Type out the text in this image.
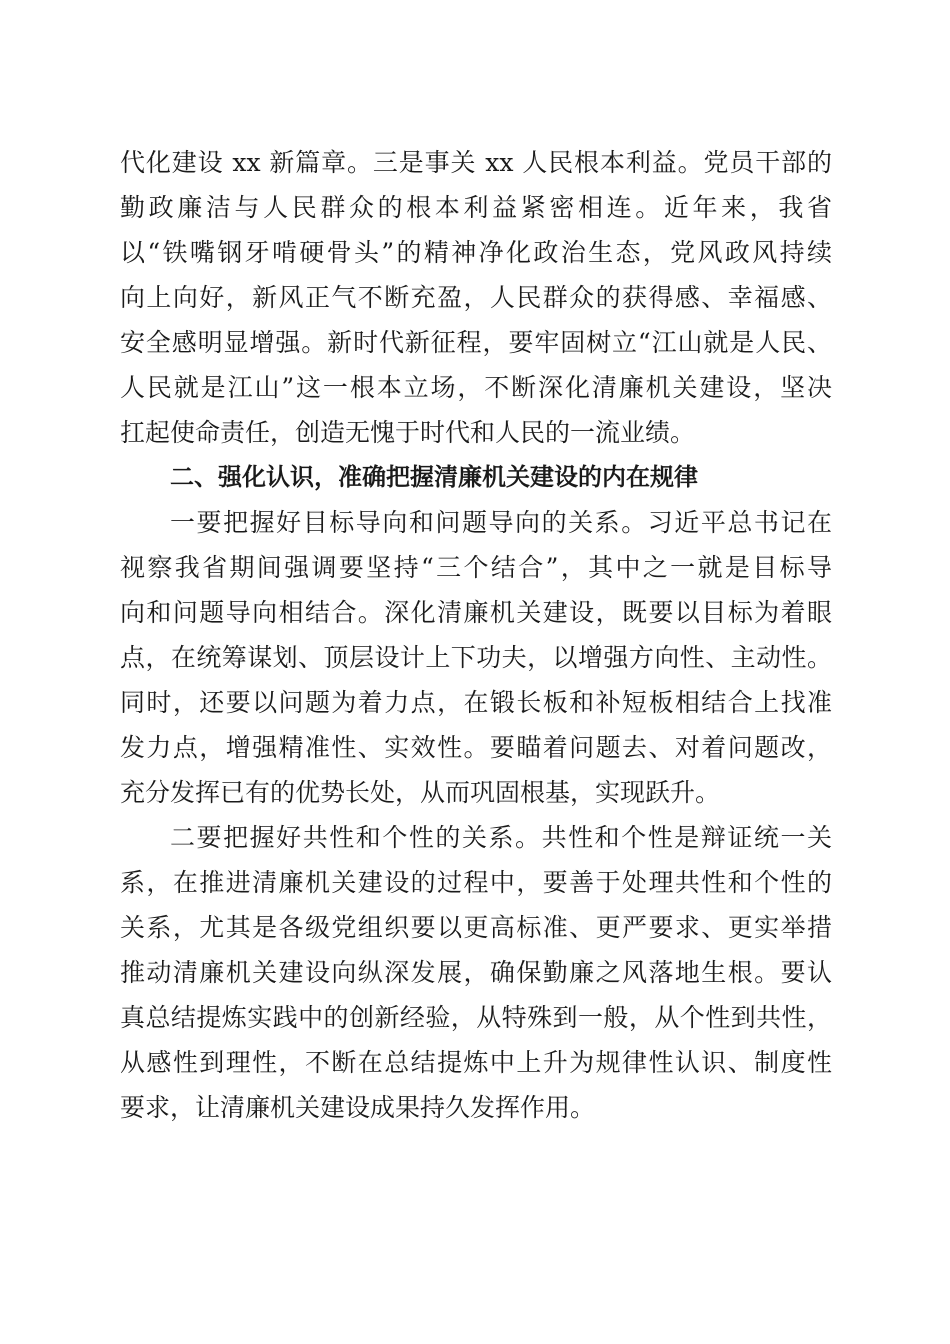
代化建设 xx 新篇章。三是事关 xx 人民根本利益。党员干部的
勤政廉洁与人民群众的根本利益紧密相连。近年来，我省
以“铁嘴钢牙啃硬骨头”的精神净化政治生态，党风政风持续
向上向好，新风正气不断充盈，人民群众的获得感、幸福感、
安全感明显增强。新时代新征程，要牢固树立“江山就是人民、
人民就是江山”这一根本立场，不断深化清廉机关建设，坚决
扛起使命责任，创造无愧于时代和人民的一流业绩。
二、强化认识，准确把握清廉机关建设的内在规律
一要把握好目标导向和问题导向的关系。习近平总书记在
视察我省期间强调要坚持“三个结合”，其中之一就是目标导
向和问题导向相结合。深化清廉机关建设，既要以目标为着眼
点，在统筹谋划、顶层设计上下功夫，以增强方向性、主动性。
同时，还要以问题为着力点，在锻长板和补短板相结合上找准
发力点，增强精准性、实效性。要瞄着问题去、对着问题改，
充分发挥已有的优势长处，从而巩固根基，实现跃升。
二要把握好共性和个性的关系。共性和个性是辩证统一关
系，在推进清廉机关建设的过程中，要善于处理共性和个性的
关系，尤其是各级党组织要以更高标准、更严要求、更实举措
推动清廉机关建设向纵深发展，确保勤廉之风落地生根。要认
真总结提炼实践中的创新经验，从特殊到一般，从个性到共性，
从感性到理性，不断在总结提炼中上升为规律性认识、制度性
要求，让清廉机关建设成果持久发挥作用。
